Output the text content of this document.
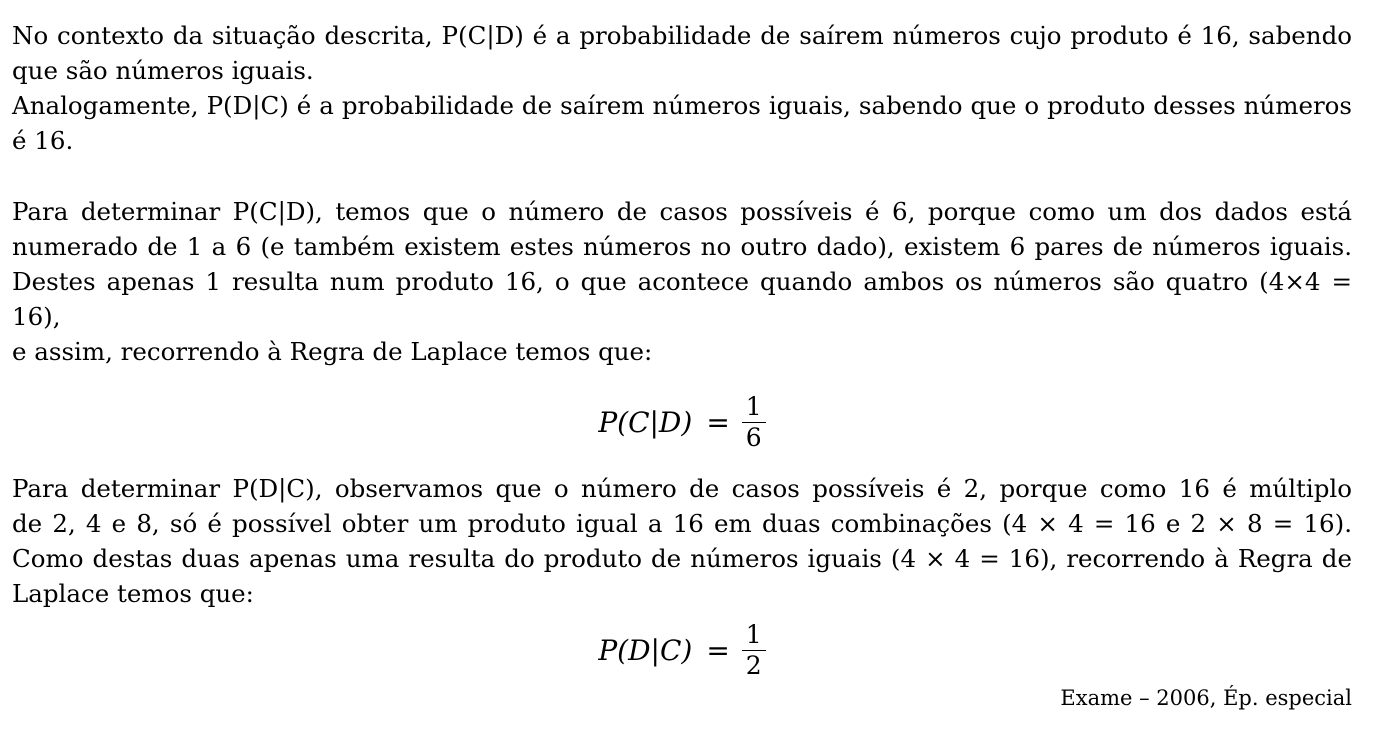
No contexto da situação descrita, P(C|D) é a probabilidade de saírem números cujo produto é 16, sabendo
que são números iguais.
Analogamente, P(D|C) é a probabilidade de saírem números iguais, sabendo que o produto desses números
é 16.
Para determinar P(C|D), temos que o número de casos possíveis é 6, porque como um dos dados está
numerado de 1 a 6 (e também existem estes números no outro dado), existem 6 pares de números iguais.
Destes apenas 1 resulta num produto 16, o que acontece quando ambos os números são quatro (4×4 = 16),
e assim, recorrendo à Regra de Laplace temos que:
$P(C|D) = \frac{1}{6}$
Para determinar P(D|C), observamos que o número de casos possíveis é 2, porque como 16 é múltiplo
de 2, 4 e 8, só é possível obter um produto igual a 16 em duas combinações (4 × 4 = 16 e 2 × 8 = 16).
Como destas duas apenas uma resulta do produto de números iguais (4 × 4 = 16), recorrendo à Regra de
Laplace temos que:
$P(D|C) = \frac{1}{2}$
Exame – 2006, Ép. especial
